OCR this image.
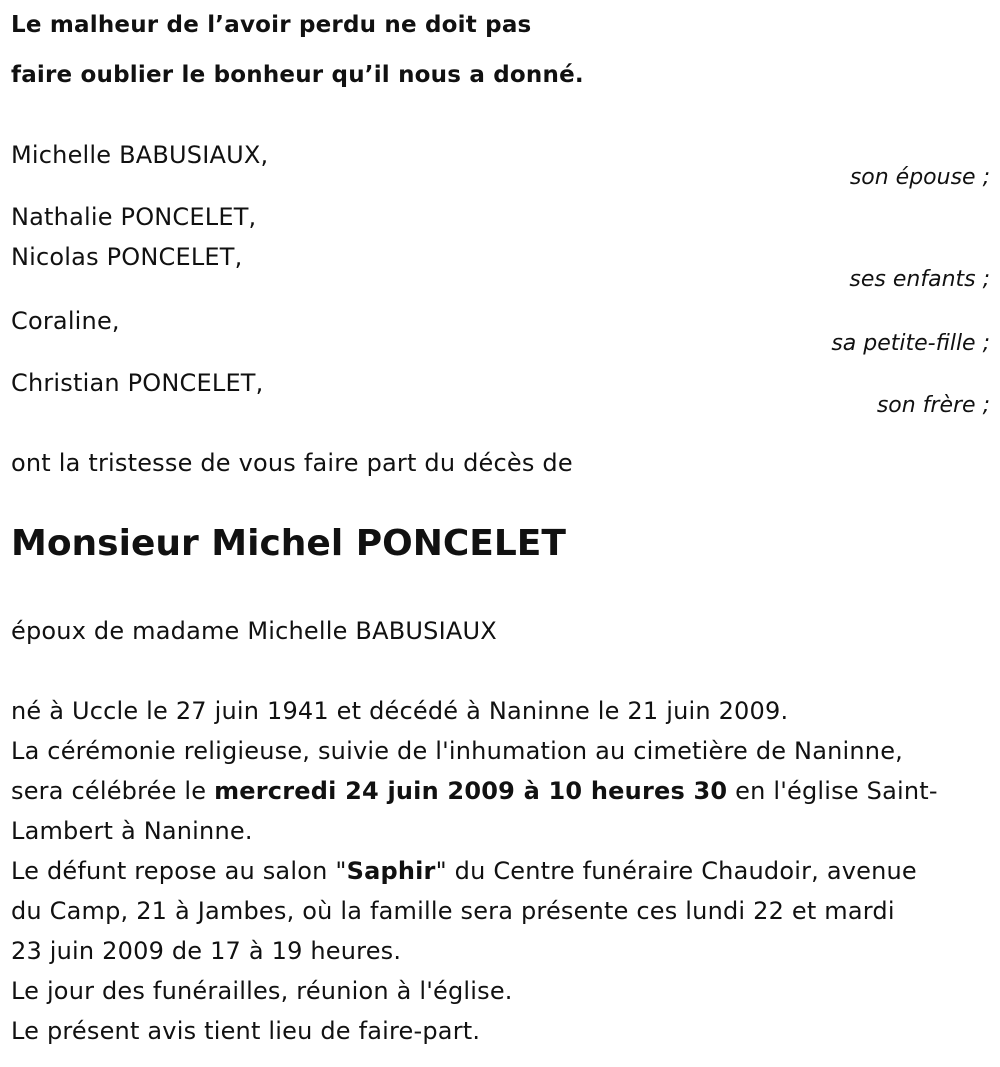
Le malheur de l’avoir perdu ne doit pas
faire oublier le bonheur qu’il nous a donné.
Michelle BABUSIAUX,
son épouse ;
Nathalie PONCELET,
Nicolas PONCELET,
ses enfants ;
Coraline,
sa petite-fille ;
Christian PONCELET,
son frère ;
ont la tristesse de vous faire part du décès de
Monsieur Michel PONCELET
époux de madame Michelle BABUSIAUX
né à Uccle le 27 juin 1941 et décédé à Naninne le 21 juin 2009.
La cérémonie religieuse, suivie de l'inhumation au cimetière de Naninne,
sera célébrée le mercredi 24 juin 2009 à 10 heures 30 en l'église Saint-
Lambert à Naninne.
Le défunt repose au salon "Saphir" du Centre funéraire Chaudoir, avenue
du Camp, 21 à Jambes, où la famille sera présente ces lundi 22 et mardi
23 juin 2009 de 17 à 19 heures.
Le jour des funérailles, réunion à l'église.
Le présent avis tient lieu de faire-part.
